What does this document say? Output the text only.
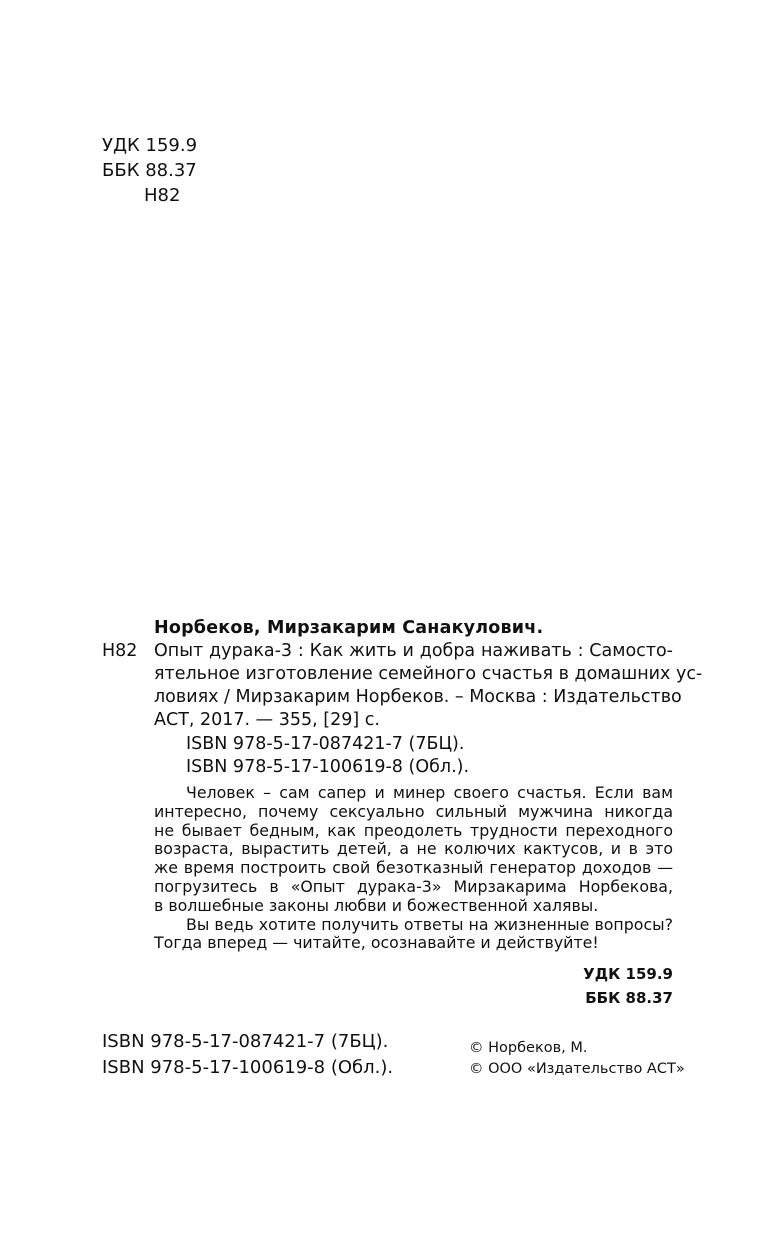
УДК 159.9
ББК 88.37
Н82
Норбеков, Мирзакарим Санакулович.
Н82 Опыт дурака-3 : Как жить и добра наживать : Самосто-
ятельное изготовление семейного счастья в домашних ус-
ловиях / Мирзакарим Норбеков. – Москва : Издательство
АСТ, 2017. — 355, [29] с.
ISBN 978-5-17-087421-7 (7БЦ).
ISBN 978-5-17-100619-8 (Обл.).
Человек – сам сапер и минер своего счастья. Если вам
интересно, почему сексуально сильный мужчина никогда
не бывает бедным, как преодолеть трудности переходного
возраста, вырастить детей, а не колючих кактусов, и в это
же время построить свой безотказный генератор доходов —
погрузитесь в «Опыт дурака-3» Мирзакарима Норбекова,
в волшебные законы любви и божественной халявы.
Вы ведь хотите получить ответы на жизненные вопросы?
Тогда вперед — читайте, осознавайте и действуйте!
УДК 159.9
ББК 88.37
ISBN 978-5-17-087421-7 (7БЦ).
ISBN 978-5-17-100619-8 (Обл.).
© Норбеков, М.
© ООО «Издательство АСТ»
